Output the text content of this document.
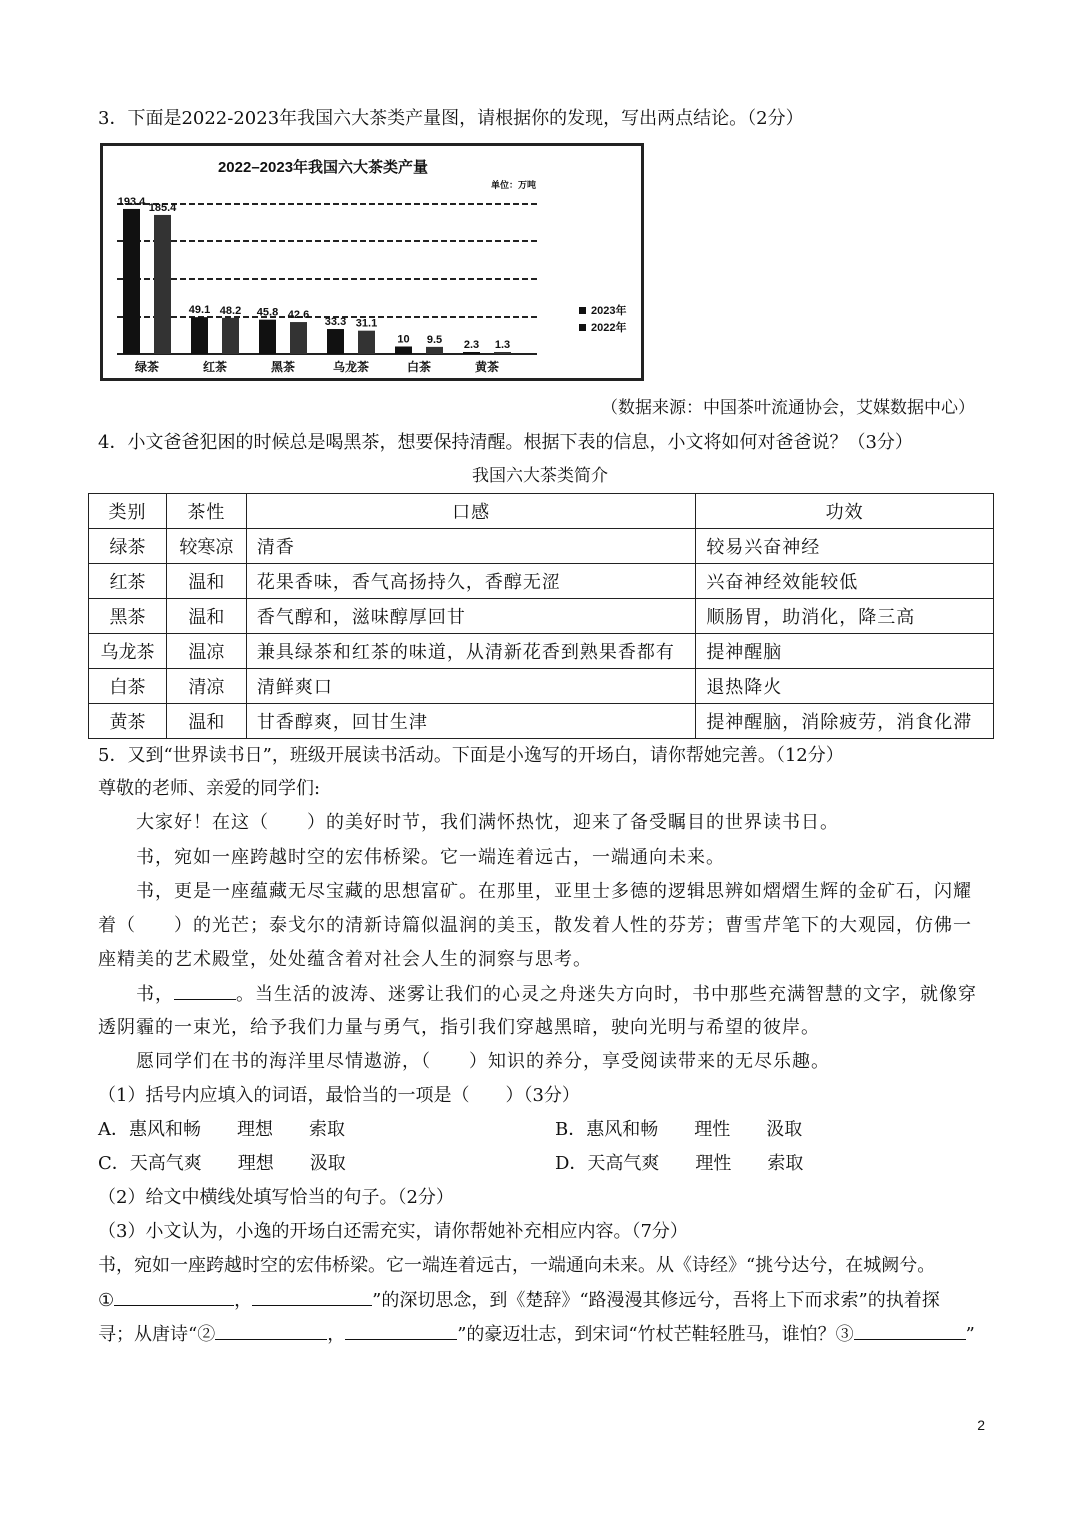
3．下面是2022-2023年我国六大茶类产量图，请根据你的发现，写出两点结论。（2分）
2022–2023年我国六大茶类产量
单位：万吨
193.4 185.4
绿茶
49.1 48.2
红茶
45.8 42.6
黑茶
33.3 31.1
乌龙茶
10 9.5
白茶
2.3 1.3
黄茶
2023年
2022年
（数据来源：中国茶叶流通协会，艾媒数据中心）
4．小文爸爸犯困的时候总是喝黑茶，想要保持清醒。根据下表的信息，小文将如何对爸爸说？（3分）
我国六大茶类简介
类别	茶性	口感	功效
绿茶	较寒凉	清香	较易兴奋神经
红茶	温和	花果香味，香气高扬持久，香醇无涩	兴奋神经效能较低
黑茶	温和	香气醇和，滋味醇厚回甘	顺肠胃，助消化，降三高
乌龙茶	温凉	兼具绿茶和红茶的味道，从清新花香到熟果香都有	提神醒脑
白茶	清凉	清鲜爽口	退热降火
黄茶	温和	甘香醇爽，回甘生津	提神醒脑，消除疲劳，消食化滞
5．又到“世界读书日”，班级开展读书活动。下面是小逸写的开场白，请你帮她完善。（12分）
尊敬的老师、亲爱的同学们:
大家好！在这（　　）的美好时节，我们满怀热忱，迎来了备受瞩目的世界读书日。
书，宛如一座跨越时空的宏伟桥梁。它一端连着远古，一端通向未来。
书，更是一座蕴藏无尽宝藏的思想富矿。在那里，亚里士多德的逻辑思辨如熠熠生辉的金矿石，闪耀
着（　　）的光芒；泰戈尔的清新诗篇似温润的美玉，散发着人性的芬芳；曹雪芹笔下的大观园，仿佛一
座精美的艺术殿堂，处处蕴含着对社会人生的洞察与思考。
书，	。当生活的波涛、迷雾让我们的心灵之舟迷失方向时，书中那些充满智慧的文字，就像穿
透阴霾的一束光，给予我们力量与勇气，指引我们穿越黑暗，驶向光明与希望的彼岸。
愿同学们在书的海洋里尽情遨游，（　　）知识的养分，享受阅读带来的无尽乐趣。
（1）括号内应填入的词语，最恰当的一项是（　　）（3分）
A．惠风和畅　　理想　　索取	B．惠风和畅　　理性　　汲取
C．天高气爽　　理想　　汲取	D．天高气爽　　理性　　索取
（2）给文中横线处填写恰当的句子。（2分）
（3）小文认为，小逸的开场白还需充实，请你帮她补充相应内容。（7分）
书，宛如一座跨越时空的宏伟桥梁。它一端连着远古，一端通向未来。从《诗经》“挑兮达兮，在城阙兮。
①	，	”的深切思念，到《楚辞》“路漫漫其修远兮，吾将上下而求索”的执着探
寻；从唐诗“②	，	”的豪迈壮志，到宋词“竹杖芒鞋轻胜马，谁怕？③	”
2
